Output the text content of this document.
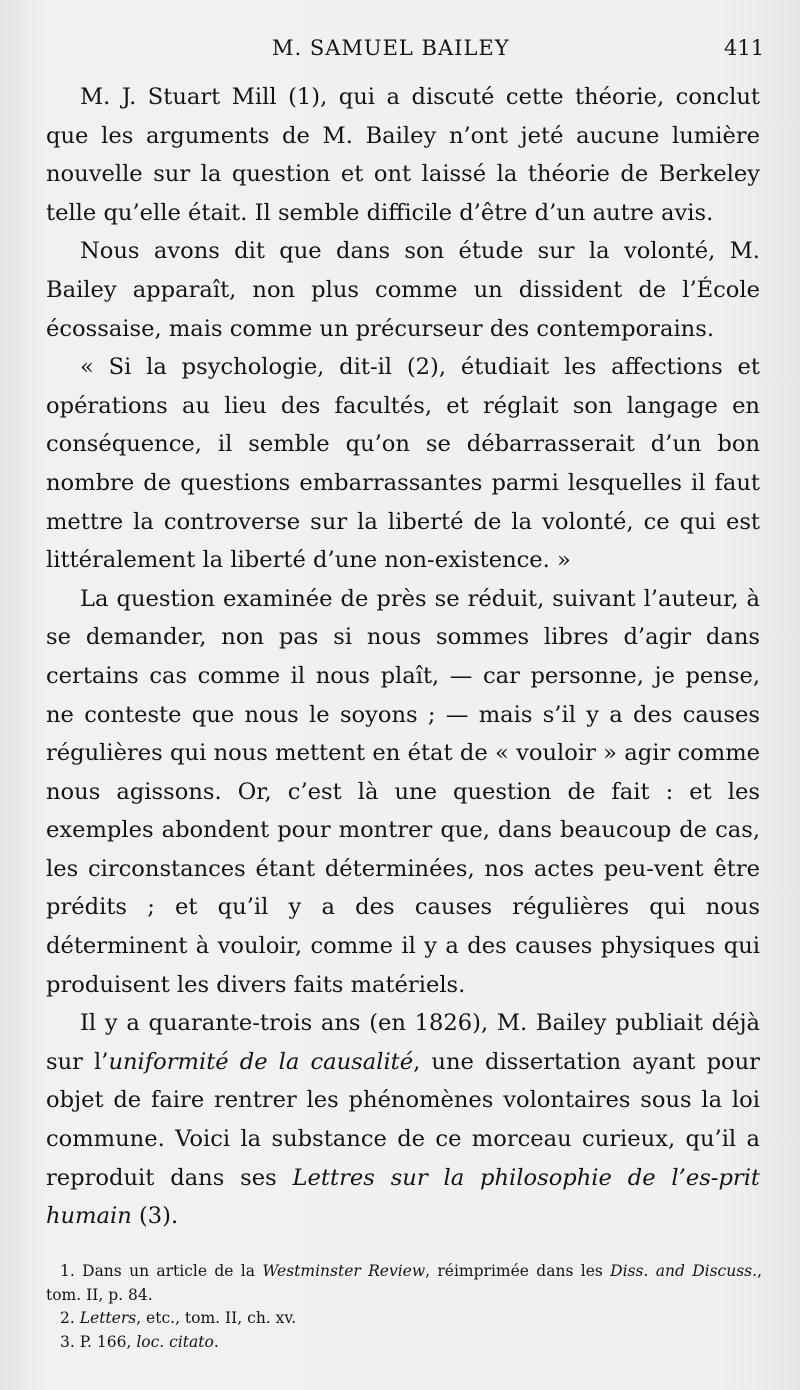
M. SAMUEL BAILEY	411

M. J. Stuart Mill (1), qui a discuté cette théorie, conclut que les arguments de M. Bailey n’ont jeté aucune lumière nouvelle sur la question et ont laissé la théorie de Berkeley telle qu’elle était. Il semble difficile d’être d’un autre avis.

Nous avons dit que dans son étude sur la volonté, M. Bailey apparaît, non plus comme un dissident de l’École écossaise, mais comme un précurseur des contemporains.

« Si la psychologie, dit-il (2), étudiait les affections et opérations au lieu des facultés, et réglait son langage en conséquence, il semble qu’on se débarrasserait d’un bon nombre de questions embarrassantes parmi lesquelles il faut mettre la controverse sur la liberté de la volonté, ce qui est littéralement la liberté d’une non-existence. »

La question examinée de près se réduit, suivant l’auteur, à se demander, non pas si nous sommes libres d’agir dans certains cas comme il nous plaît, — car personne, je pense, ne conteste que nous le soyons ; — mais s’il y a des causes régulières qui nous mettent en état de « vouloir » agir comme nous agissons. Or, c’est là une question de fait : et les exemples abondent pour montrer que, dans beaucoup de cas, les circonstances étant déterminées, nos actes peu-vent être prédits ; et qu’il y a des causes régulières qui nous déterminent à vouloir, comme il y a des causes physiques qui produisent les divers faits matériels.

Il y a quarante-trois ans (en 1826), M. Bailey publiait déjà sur l’uniformité de la causalité, une dissertation ayant pour objet de faire rentrer les phénomènes volontaires sous la loi commune. Voici la substance de ce morceau curieux, qu’il a reproduit dans ses Lettres sur la philosophie de l’es-prit humain (3).

1. Dans un article de la Westminster Review, réimprimée dans les Diss. and Discuss., tom. II, p. 84.

2. Letters, etc., tom. II, ch. xv.

3. P. 166, loc. citato.
